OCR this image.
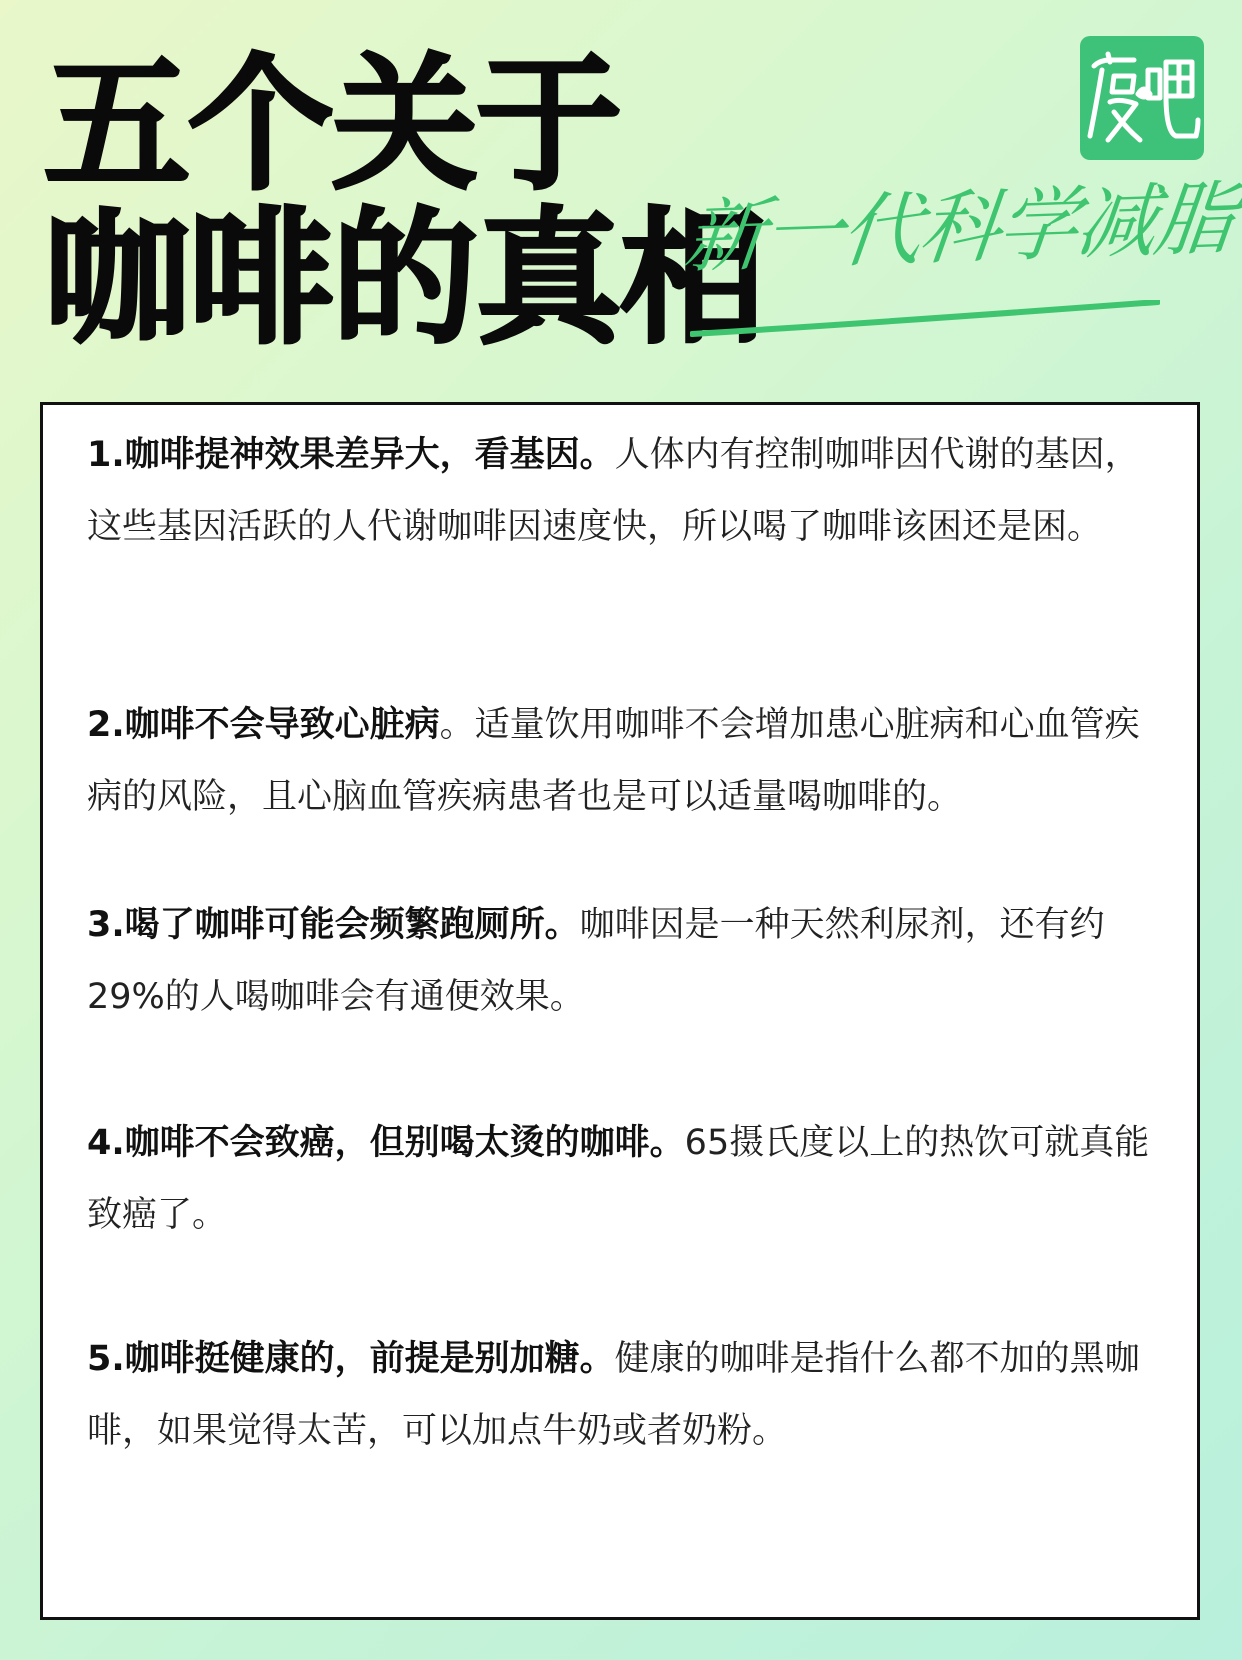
五个关于
咖啡的真相
新一代科学减脂

1.咖啡提神效果差异大，看基因。人体内有控制咖啡因代谢的基因，这些基因活跃的人代谢咖啡因速度快，所以喝了咖啡该困还是困。

2.咖啡不会导致心脏病。适量饮用咖啡不会增加患心脏病和心血管疾病的风险，且心脑血管疾病患者也是可以适量喝咖啡的。

3.喝了咖啡可能会频繁跑厕所。咖啡因是一种天然利尿剂，还有约29%的人喝咖啡会有通便效果。

4.咖啡不会致癌，但别喝太烫的咖啡。65摄氏度以上的热饮可就真能致癌了。

5.咖啡挺健康的，前提是别加糖。健康的咖啡是指什么都不加的黑咖啡，如果觉得太苦，可以加点牛奶或者奶粉。
